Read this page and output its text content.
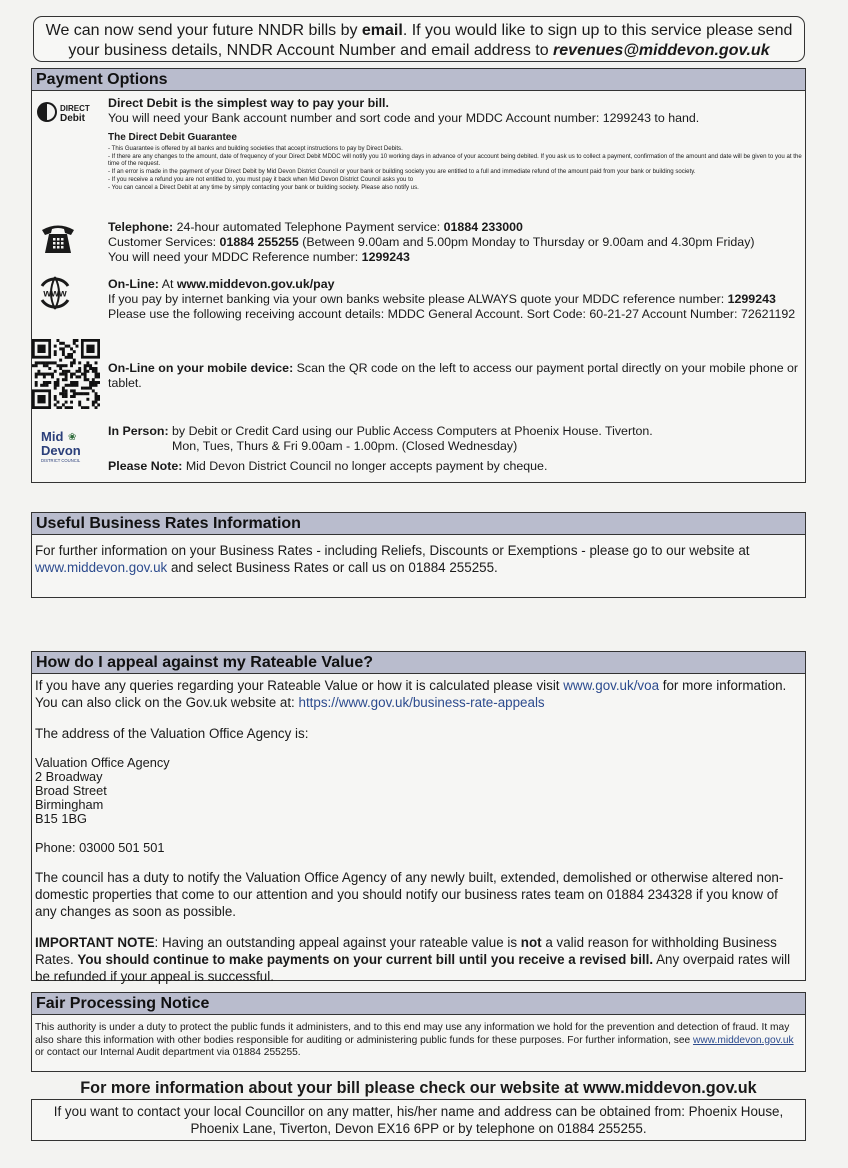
We can now send your future NNDR bills by email. If you would like to sign up to this service please send your business details, NNDR Account Number and email address to revenues@middevon.gov.uk
Payment Options
DIRECT
Debit
Direct Debit is the simplest way to pay your bill.
You will need your Bank account number and sort code and your MDDC Account number: 1299243 to hand.
The Direct Debit Guarantee
- This Guarantee is offered by all banks and building societies that accept instructions to pay by Direct Debits.
- If there are any changes to the amount, date of frequency of your Direct Debit MDDC will notify you 10 working days in advance of your account being debited. If you ask us to collect a payment, confirmation of the amount and date will be given to you at the time of the request.
- If an error is made in the payment of your Direct Debit by Mid Devon District Council or your bank or building society you are entitled to a full and immediate refund of the amount paid from your bank or building society.
- If you receive a refund you are not entitled to, you must pay it back when Mid Devon District Council asks you to
- You can cancel a Direct Debit at any time by simply contacting your bank or building society. Please also notify us.
Telephone: 24-hour automated Telephone Payment service: 01884 233000
Customer Services: 01884 255255 (Between 9.00am and 5.00pm Monday to Thursday or 9.00am and 4.30pm Friday)
You will need your MDDC Reference number: 1299243
www
On-Line: At www.middevon.gov.uk/pay
If you pay by internet banking via your own banks website please ALWAYS quote your MDDC reference number: 1299243
Please use the following receiving account details: MDDC General Account. Sort Code: 60-21-27 Account Number: 72621192
On-Line on your mobile device: Scan the QR code on the left to access our payment portal directly on your mobile phone or tablet.
Mid ❀
Devon
DISTRICT COUNCIL
In Person: by Debit or Credit Card using our Public Access Computers at Phoenix House. Tiverton.
Mon, Tues, Thurs & Fri 9.00am - 1.00pm. (Closed Wednesday)
Please Note: Mid Devon District Council no longer accepts payment by cheque.
Useful Business Rates Information
For further information on your Business Rates - including Reliefs, Discounts or Exemptions - please go to our website at www.middevon.gov.uk and select Business Rates or call us on 01884 255255.
How do I appeal against my Rateable Value?
If you have any queries regarding your Rateable Value or how it is calculated please visit www.gov.uk/voa for more information. You can also click on the Gov.uk website at: https://www.gov.uk/business-rate-appeals
The address of the Valuation Office Agency is:
Valuation Office Agency
2 Broadway
Broad Street
Birmingham
B15 1BG
Phone: 03000 501 501
The council has a duty to notify the Valuation Office Agency of any newly built, extended, demolished or otherwise altered non-domestic properties that come to our attention and you should notify our business rates team on 01884 234328 if you know of any changes as soon as possible.
IMPORTANT NOTE: Having an outstanding appeal against your rateable value is not a valid reason for withholding Business Rates. You should continue to make payments on your current bill until you receive a revised bill. Any overpaid rates will be refunded if your appeal is successful.
Fair Processing Notice
This authority is under a duty to protect the public funds it administers, and to this end may use any information we hold for the prevention and detection of fraud. It may also share this information with other bodies responsible for auditing or administering public funds for these purposes. For further information, see www.middevon.gov.uk or contact our Internal Audit department via 01884 255255.
For more information about your bill please check our website at www.middevon.gov.uk
If you want to contact your local Councillor on any matter, his/her name and address can be obtained from: Phoenix House, Phoenix Lane, Tiverton, Devon EX16 6PP or by telephone on 01884 255255.
